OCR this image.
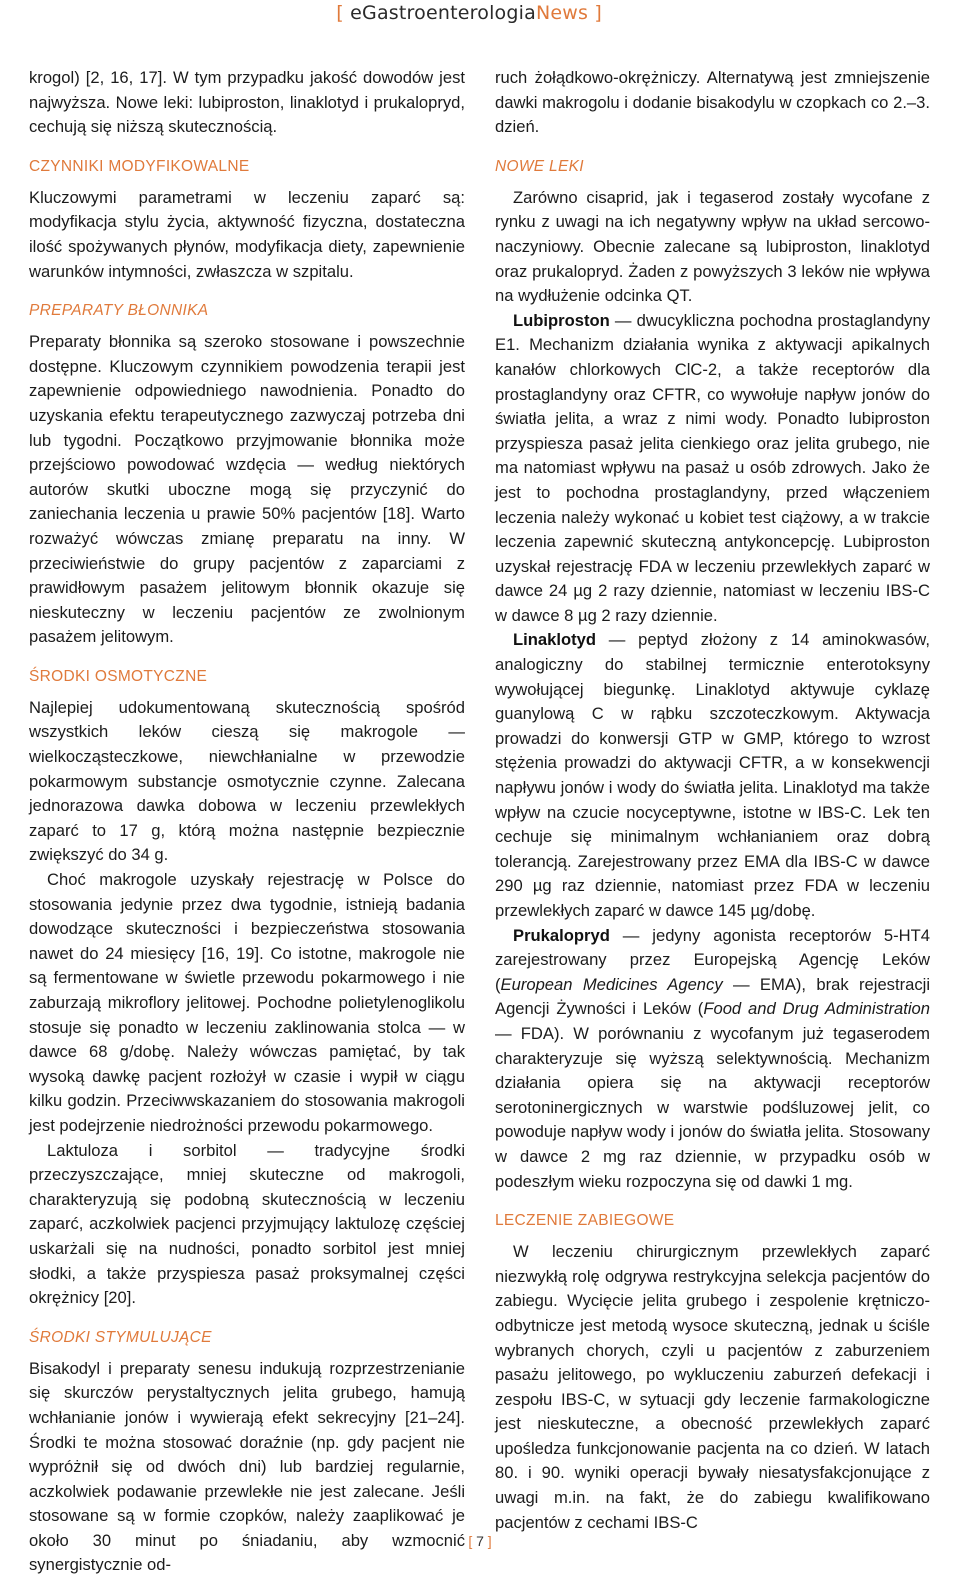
[ eGastroenterologiaNews ]

krogol) [2, 16, 17]. W tym przypadku jakość dowodów jest najwyższa. Nowe leki: lubiproston, linaklotyd i prukalopryd, cechują się niższą skutecznością.

CZYNNIKI MODYFIKOWALNE

Kluczowymi parametrami w leczeniu zaparć są: modyfikacja stylu życia, aktywność fizyczna, dostateczna ilość spożywanych płynów, modyfikacja diety, zapewnienie warunków intymności, zwłaszcza w szpitalu.

PREPARATY BŁONNIKA

Preparaty błonnika są szeroko stosowane i powszechnie dostępne. Kluczowym czynnikiem powodzenia terapii jest zapewnienie odpowiedniego nawodnienia. Ponadto do uzyskania efektu terapeutycznego zazwyczaj potrzeba dni lub tygodni. Początkowo przyjmowanie błonnika może przejściowo powodować wzdęcia — według niektórych autorów skutki uboczne mogą się przyczynić do zaniechania leczenia u prawie 50% pacjentów [18]. Warto rozważyć wówczas zmianę preparatu na inny. W przeciwieństwie do grupy pacjentów z zaparciami z prawidłowym pasażem jelitowym błonnik okazuje się nieskuteczny w leczeniu pacjentów ze zwolnionym pasażem jelitowym.

ŚRODKI OSMOTYCZNE

Najlepiej udokumentowaną skutecznością spośród wszystkich leków cieszą się makrogole — wielkocząsteczkowe, niewchłanialne w przewodzie pokarmowym substancje osmotycznie czynne. Zalecana jednorazowa dawka dobowa w leczeniu przewlekłych zaparć to 17 g, którą można następnie bezpiecznie zwiększyć do 34 g.

Choć makrogole uzyskały rejestrację w Polsce do stosowania jedynie przez dwa tygodnie, istnieją badania dowodzące skuteczności i bezpieczeństwa stosowania nawet do 24 miesięcy [16, 19]. Co istotne, makrogole nie są fermentowane w świetle przewodu pokarmowego i nie zaburzają mikroflory jelitowej. Pochodne polietylenoglikolu stosuje się ponadto w leczeniu zaklinowania stolca — w dawce 68 g/dobę. Należy wówczas pamiętać, by tak wysoką dawkę pacjent rozłożył w czasie i wypił w ciągu kilku godzin. Przeciwwskazaniem do stosowania makrogoli jest podejrzenie niedrożności przewodu pokarmowego.

Laktuloza i sorbitol — tradycyjne środki przeczyszczające, mniej skuteczne od makrogoli, charakteryzują się podobną skutecznością w leczeniu zaparć, aczkolwiek pacjenci przyjmujący laktulozę częściej uskarżali się na nudności, ponadto sorbitol jest mniej słodki, a także przyspiesza pasaż proksymalnej części okrężnicy [20].

ŚRODKI STYMULUJĄCE

Bisakodyl i preparaty senesu indukują rozprzestrzenianie się skurczów perystaltycznych jelita grubego, hamują wchłanianie jonów i wywierają efekt sekrecyjny [21–24]. Środki te można stosować doraźnie (np. gdy pacjent nie wypróżnił się od dwóch dni) lub bardziej regularnie, aczkolwiek podawanie przewlekłe nie jest zalecane. Jeśli stosowane są w formie czopków, należy zaaplikować je około 30 minut po śniadaniu, aby wzmocnić synergistycznie od-

ruch żołądkowo-okrężniczy. Alternatywą jest zmniejszenie dawki makrogolu i dodanie bisakodylu w czopkach co 2.–3. dzień.

NOWE LEKI

Zarówno cisaprid, jak i tegaserod zostały wycofane z rynku z uwagi na ich negatywny wpływ na układ sercowo-naczyniowy. Obecnie zalecane są lubiproston, linaklotyd oraz prukalopryd. Żaden z powyższych 3 leków nie wpływa na wydłużenie odcinka QT.

Lubiproston — dwucykliczna pochodna prostaglandyny E1. Mechanizm działania wynika z aktywacji apikalnych kanałów chlorkowych ClC-2, a także receptorów dla prostaglandyny oraz CFTR, co wywołuje napływ jonów do światła jelita, a wraz z nimi wody. Ponadto lubiproston przyspiesza pasaż jelita cienkiego oraz jelita grubego, nie ma natomiast wpływu na pasaż u osób zdrowych. Jako że jest to pochodna prostaglandyny, przed włączeniem leczenia należy wykonać u kobiet test ciążowy, a w trakcie leczenia zapewnić skuteczną antykoncepcję. Lubiproston uzyskał rejestrację FDA w leczeniu przewlekłych zaparć w dawce 24 µg 2 razy dziennie, natomiast w leczeniu IBS-C w dawce 8 µg 2 razy dziennie.

Linaklotyd — peptyd złożony z 14 aminokwasów, analogiczny do stabilnej termicznie enterotoksyny wywołującej biegunkę. Linaklotyd aktywuje cyklazę guanylową C w rąbku szczoteczkowym. Aktywacja prowadzi do konwersji GTP w GMP, którego to wzrost stężenia prowadzi do aktywacji CFTR, a w konsekwencji napływu jonów i wody do światła jelita. Linaklotyd ma także wpływ na czucie nocyceptywne, istotne w IBS-C. Lek ten cechuje się minimalnym wchłanianiem oraz dobrą tolerancją. Zarejestrowany przez EMA dla IBS-C w dawce 290 µg raz dziennie, natomiast przez FDA w leczeniu przewlekłych zaparć w dawce 145 µg/dobę.

Prukalopryd — jedyny agonista receptorów 5-HT4 zarejestrowany przez Europejską Agencję Leków (European Medicines Agency — EMA), brak rejestracji Agencji Żywności i Leków (Food and Drug Administration — FDA). W porównaniu z wycofanym już tegaserodem charakteryzuje się wyższą selektywnością. Mechanizm działania opiera się na aktywacji receptorów serotoninergicznych w warstwie podśluzowej jelit, co powoduje napływ wody i jonów do światła jelita. Stosowany w dawce 2 mg raz dziennie, w przypadku osób w podeszłym wieku rozpoczyna się od dawki 1 mg.

LECZENIE ZABIEGOWE

W leczeniu chirurgicznym przewlekłych zaparć niezwykłą rolę odgrywa restrykcyjna selekcja pacjentów do zabiegu. Wycięcie jelita grubego i zespolenie krętniczo-odbytnicze jest metodą wysoce skuteczną, jednak u ściśle wybranych chorych, czyli u pacjentów z zaburzeniem pasażu jelitowego, po wykluczeniu zaburzeń defekacji i zespołu IBS-C, w sytuacji gdy leczenie farmakologiczne jest nieskuteczne, a obecność przewlekłych zaparć upośledza funkcjonowanie pacjenta na co dzień. W latach 80. i 90. wyniki operacji bywały niesatysfakcjonujące z uwagi m.in. na fakt, że do zabiegu kwalifikowano pacjentów z cechami IBS-C

[ 7 ]
